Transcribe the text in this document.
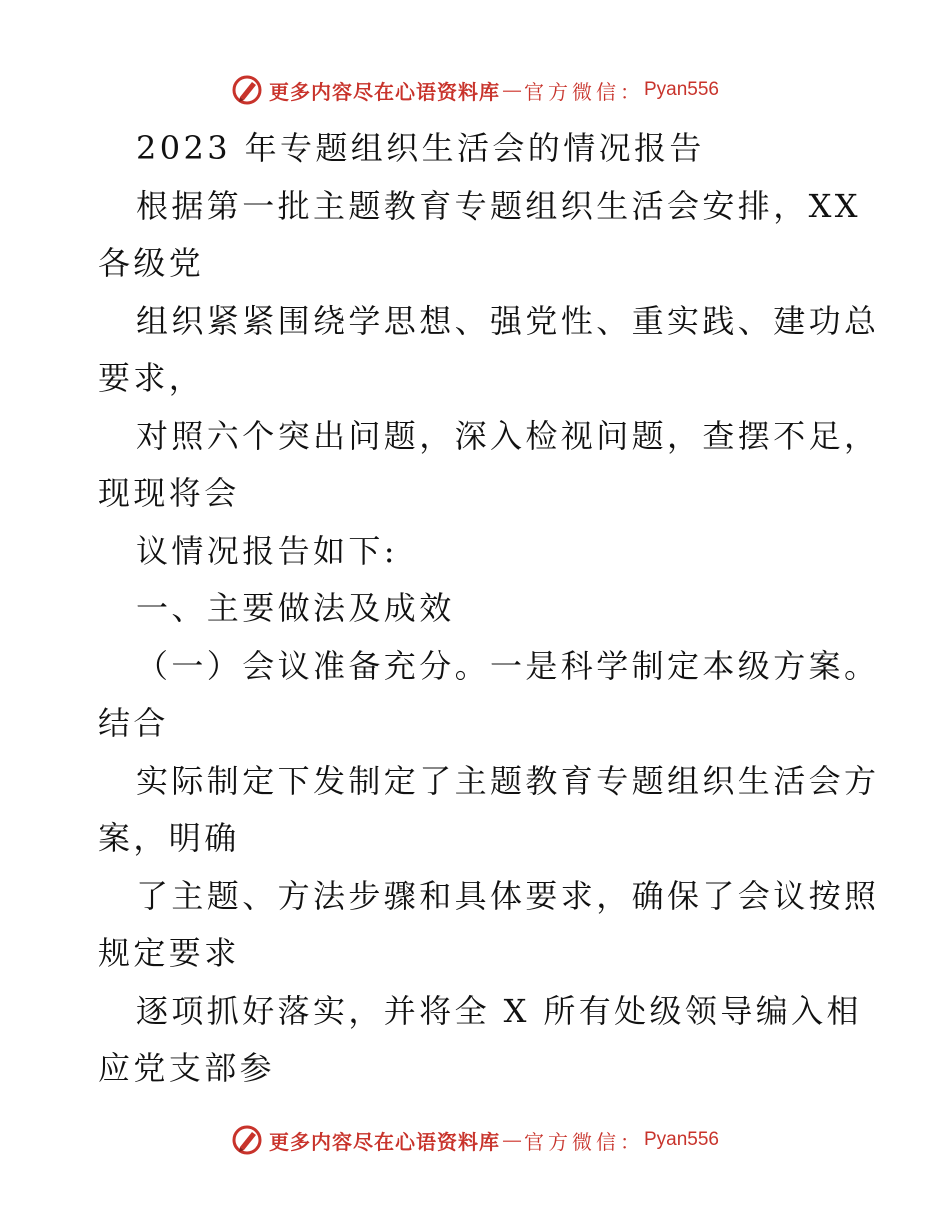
更多内容尽在心语资料库 — 官方微信： Pyan556
2023 年专题组织生活会的情况报告
根据第一批主题教育专题组织生活会安排，XX
各级党
组织紧紧围绕学思想、强党性、重实践、建功总
要求，
对照六个突出问题，深入检视问题，查摆不足，
现现将会
议情况报告如下:
一、主要做法及成效
（一）会议准备充分。一是科学制定本级方案。
结合
实际制定下发制定了主题教育专题组织生活会方
案，明确
了主题、方法步骤和具体要求，确保了会议按照
规定要求
逐项抓好落实，并将全 X 所有处级领导编入相
应党支部参
更多内容尽在心语资料库 — 官方微信： Pyan556
